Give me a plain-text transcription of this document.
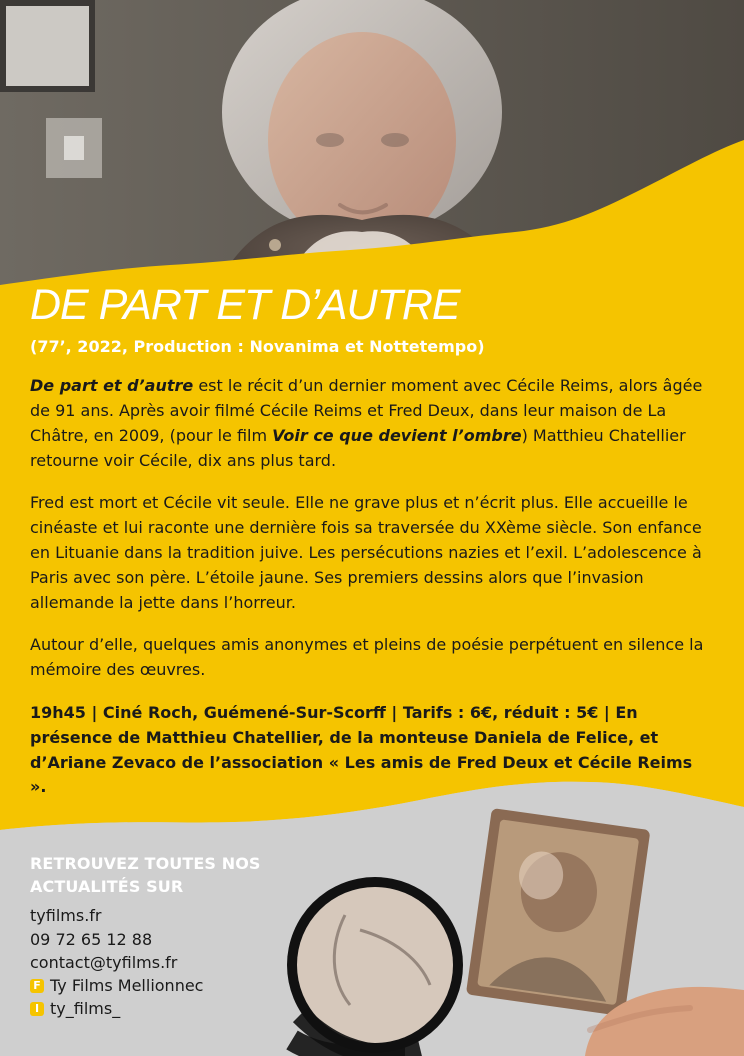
DE PART ET D’AUTRE
(77’, 2022, Production : Novanima et Nottetempo)

De part et d’autre est le récit d’un dernier moment avec Cécile Reims, alors âgée de 91 ans. Après avoir filmé Cécile Reims et Fred Deux, dans leur maison de La Châtre, en 2009, (pour le film Voir ce que devient l’ombre) Matthieu Chatellier retourne voir Cécile, dix ans plus tard.

Fred est mort et Cécile vit seule. Elle ne grave plus et n’écrit plus. Elle accueille le cinéaste et lui raconte une dernière fois sa traversée du XXème siècle. Son enfance en Lituanie dans la tradition juive. Les persécutions nazies et l’exil. L’adolescence à Paris avec son père. L’étoile jaune. Ses premiers dessins alors que l’invasion allemande la jette dans l’horreur.

Autour d’elle, quelques amis anonymes et pleins de poésie perpétuent en silence la mémoire des œuvres.

19h45 | Ciné Roch, Guémené-Sur-Scorff | Tarifs : 6€, réduit : 5€ | En présence de Matthieu Chatellier, de la monteuse Daniela de Felice, et d’Ariane Zevaco de l’association « Les amis de Fred Deux et Cécile Reims ».

RETROUVEZ TOUTES NOS ACTUALITÉS SUR
tyfilms.fr
09 72 65 12 88
contact@tyfilms.fr
F Ty Films Mellionnec
I ty_films_
